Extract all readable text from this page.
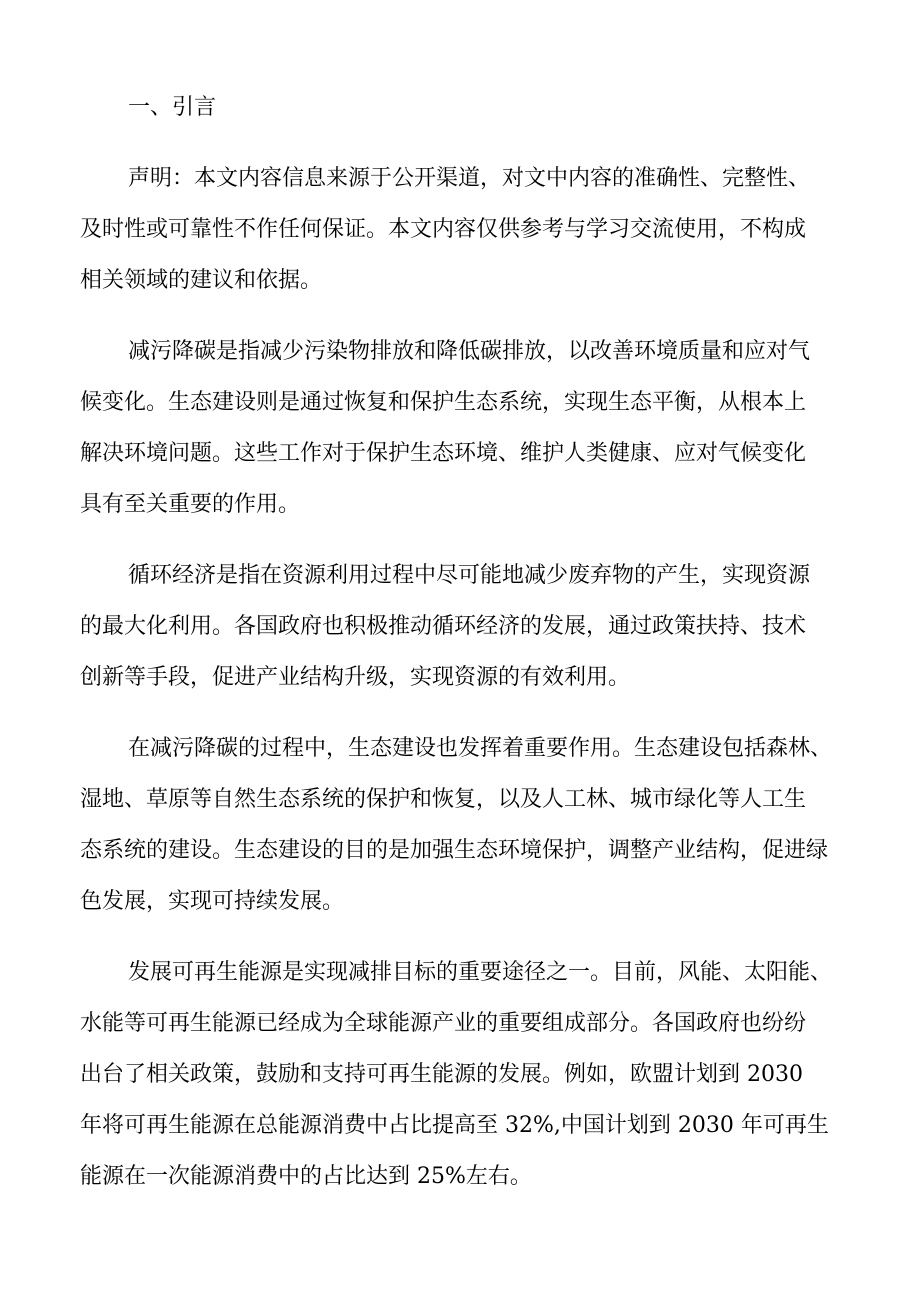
一、引言
声明：本文内容信息来源于公开渠道，对文中内容的准确性、完整性、
及时性或可靠性不作任何保证。本文内容仅供参考与学习交流使用，不构成
相关领域的建议和依据。
减污降碳是指减少污染物排放和降低碳排放，以改善环境质量和应对气
候变化。生态建设则是通过恢复和保护生态系统，实现生态平衡，从根本上
解决环境问题。这些工作对于保护生态环境、维护人类健康、应对气候变化
具有至关重要的作用。
循环经济是指在资源利用过程中尽可能地减少废弃物的产生，实现资源
的最大化利用。各国政府也积极推动循环经济的发展，通过政策扶持、技术
创新等手段，促进产业结构升级，实现资源的有效利用。
在减污降碳的过程中，生态建设也发挥着重要作用。生态建设包括森林、
湿地、草原等自然生态系统的保护和恢复，以及人工林、城市绿化等人工生
态系统的建设。生态建设的目的是加强生态环境保护，调整产业结构，促进绿
色发展，实现可持续发展。
发展可再生能源是实现减排目标的重要途径之一。目前，风能、太阳能、
水能等可再生能源已经成为全球能源产业的重要组成部分。各国政府也纷纷
出台了相关政策，鼓励和支持可再生能源的发展。例如，欧盟计划到 2030
年将可再生能源在总能源消费中占比提高至 32%,中国计划到 2030 年可再生
能源在一次能源消费中的占比达到 25%左右。
